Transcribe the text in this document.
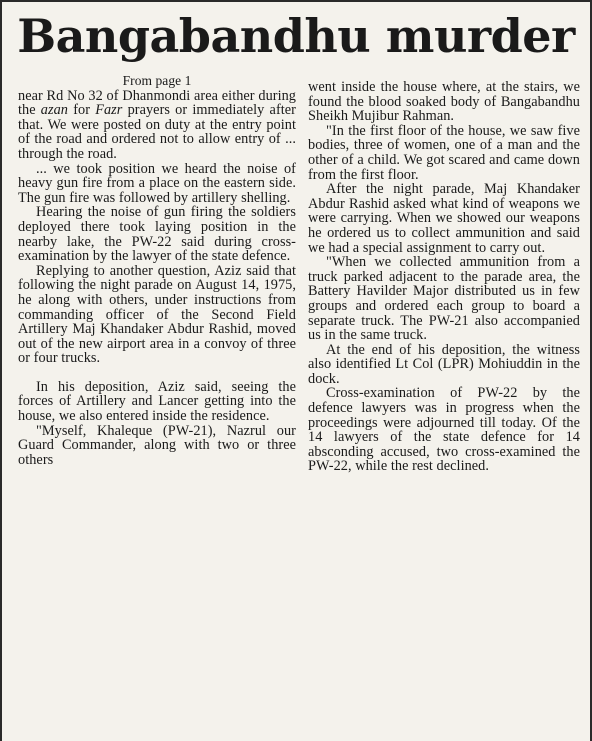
Bangabandhu murder

From page 1

near Rd No 32 of Dhanmondi area either during the azan for Fazr prayers or immediately after that. We were posted on duty at the entry point of the road and ordered not to allow entry of ... through the road.

... we took position we heard the noise of heavy gun fire from a place on the eastern side. The gun fire was followed by artillery shelling.

Hearing the noise of gun firing the soldiers deployed there took laying position in the nearby lake, the PW-22 said during cross-examination by the lawyer of the state defence.

Replying to another question, Aziz said that following the night parade on August 14, 1975, he along with others, under instructions from commanding officer of the Second Field Artillery Maj Khandaker Abdur Rashid, moved out of the new airport area in a convoy of three or four trucks.

In his deposition, Aziz said, seeing the forces of Artillery and Lancer getting into the house, we also entered inside the residence.

"Myself, Khaleque (PW-21), Nazrul our Guard Commander, along with two or three others

went inside the house where, at the stairs, we found the blood soaked body of Bangabandhu Sheikh Mujibur Rahman.

"In the first floor of the house, we saw five bodies, three of women, one of a man and the other of a child. We got scared and came down from the first floor.

After the night parade, Maj Khandaker Abdur Rashid asked what kind of weapons we were carrying. When we showed our weapons he ordered us to collect ammunition and said we had a special assignment to carry out.

"When we collected ammunition from a truck parked adjacent to the parade area, the Battery Havilder Major distributed us in few groups and ordered each group to board a separate truck. The PW-21 also accompanied us in the same truck.

At the end of his deposition, the witness also identified Lt Col (LPR) Mohiuddin in the dock.

Cross-examination of PW-22 by the defence lawyers was in progress when the proceedings were adjourned till today. Of the 14 lawyers of the state defence for 14 absconding accused, two cross-examined the PW-22, while the rest declined.
